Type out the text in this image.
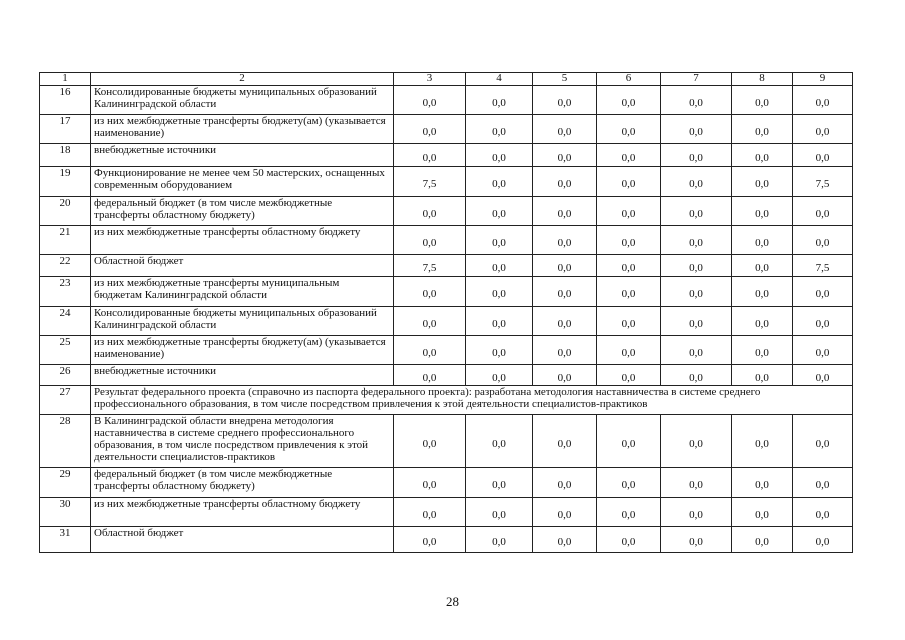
1	2	3	4	5	6	7	8	9
16	Консолидированные бюджеты муниципальных образований Калининградской области	0,0	0,0	0,0	0,0	0,0	0,0	0,0
17	из них межбюджетные трансферты бюджету(ам) (указывается наименование)	0,0	0,0	0,0	0,0	0,0	0,0	0,0
18	внебюджетные источники	0,0	0,0	0,0	0,0	0,0	0,0	0,0
19	Функционирование не менее чем 50 мастерских, оснащенных современным оборудованием	7,5	0,0	0,0	0,0	0,0	0,0	7,5
20	федеральный бюджет (в том числе межбюджетные трансферты областному бюджету)	0,0	0,0	0,0	0,0	0,0	0,0	0,0
21	из них межбюджетные трансферты областному бюджету	0,0	0,0	0,0	0,0	0,0	0,0	0,0
22	Областной бюджет	7,5	0,0	0,0	0,0	0,0	0,0	7,5
23	из них межбюджетные трансферты муниципальным бюджетам Калининградской области	0,0	0,0	0,0	0,0	0,0	0,0	0,0
24	Консолидированные бюджеты муниципальных образований Калининградской области	0,0	0,0	0,0	0,0	0,0	0,0	0,0
25	из них межбюджетные трансферты бюджету(ам) (указывается наименование)	0,0	0,0	0,0	0,0	0,0	0,0	0,0
26	внебюджетные источники	0,0	0,0	0,0	0,0	0,0	0,0	0,0
27	Результат федерального проекта (справочно из паспорта федерального проекта): разработана методология наставничества в системе среднего профессионального образования, в том числе посредством привлечения к этой деятельности специалистов-практиков							
28	В Калининградской области внедрена методология наставничества в системе среднего профессионального образования, в том числе посредством привлечения к этой деятельности специалистов-практиков	0,0	0,0	0,0	0,0	0,0	0,0	0,0
29	федеральный бюджет (в том числе межбюджетные трансферты областному бюджету)	0,0	0,0	0,0	0,0	0,0	0,0	0,0
30	из них межбюджетные трансферты областному бюджету	0,0	0,0	0,0	0,0	0,0	0,0	0,0
31	Областной бюджет	0,0	0,0	0,0	0,0	0,0	0,0	0,0
28
